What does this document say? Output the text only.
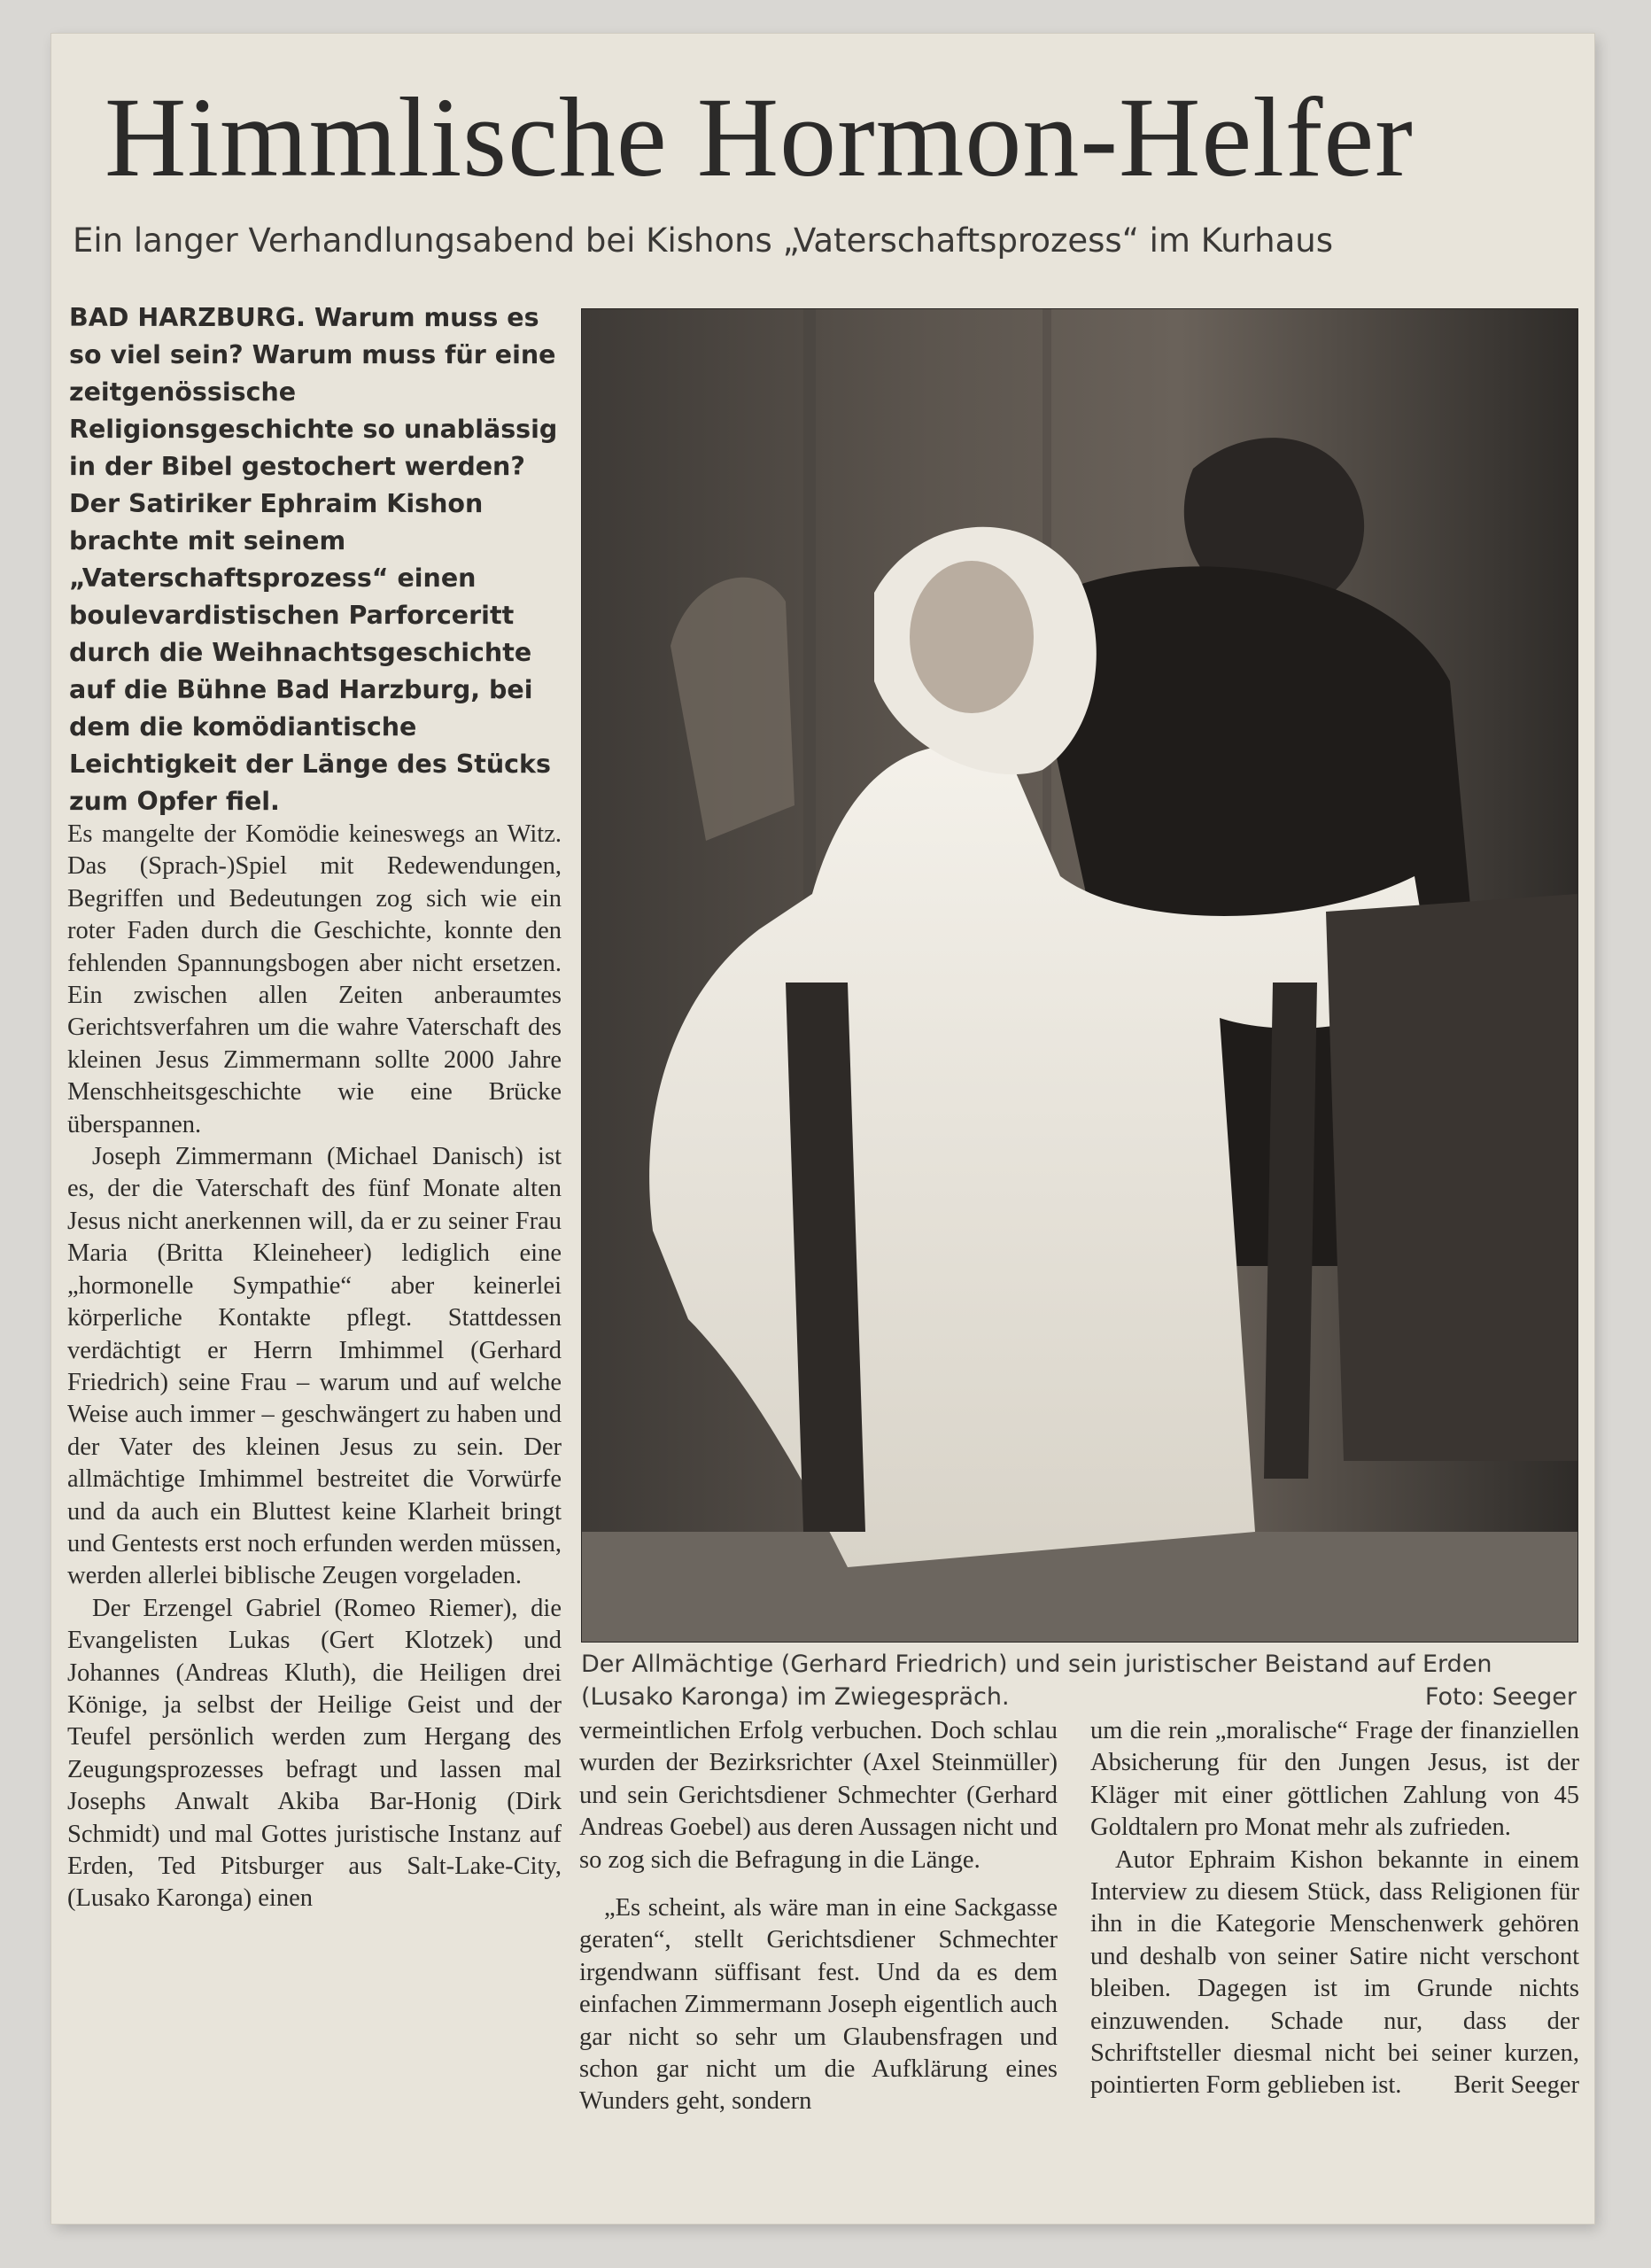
Himmlische Hormon-Helfer
Ein langer Verhandlungsabend bei Kishons „Vaterschaftsprozess“ im Kurhaus
BAD HARZBURG. Warum muss es so viel sein? Warum muss für eine zeitgenössische Religionsgeschichte so unablässig in der Bibel gestochert werden? Der Satiriker Ephraim Kishon brachte mit seinem „Vaterschaftsprozess“ einen boulevardistischen Parforceritt durch die Weihnachtsgeschichte auf die Bühne Bad Harzburg, bei dem die komödiantische Leichtigkeit der Länge des Stücks zum Opfer fiel.

Es mangelte der Komödie keineswegs an Witz. Das (Sprach-)Spiel mit Redewendungen, Begriffen und Bedeutungen zog sich wie ein roter Faden durch die Geschichte, konnte den fehlenden Spannungsbogen aber nicht ersetzen. Ein zwischen allen Zeiten anberaumtes Gerichtsverfahren um die wahre Vaterschaft des kleinen Jesus Zimmermann sollte 2000 Jahre Menschheitsgeschichte wie eine Brücke überspannen.

Joseph Zimmermann (Michael Danisch) ist es, der die Vaterschaft des fünf Monate alten Jesus nicht anerkennen will, da er zu seiner Frau Maria (Britta Kleineheer) lediglich eine „hormonelle Sympathie“ aber keinerlei körperliche Kontakte pflegt. Stattdessen verdächtigt er Herrn Imhimmel (Gerhard Friedrich) seine Frau – warum und auf welche Weise auch immer – geschwängert zu haben und der Vater des kleinen Jesus zu sein. Der allmächtige Imhimmel bestreitet die Vorwürfe und da auch ein Bluttest keine Klarheit bringt und Gentests erst noch erfunden werden müssen, werden allerlei biblische Zeugen vorgeladen.

Der Erzengel Gabriel (Romeo Riemer), die Evangelisten Lukas (Gert Klotzek) und Johannes (Andreas Kluth), die Heiligen drei Könige, ja selbst der Heilige Geist und der Teufel persönlich werden zum Hergang des Zeugungsprozesses befragt und lassen mal Josephs Anwalt Akiba Bar-Honig (Dirk Schmidt) und mal Gottes juristische Instanz auf Erden, Ted Pitsburger aus Salt-Lake-City, (Lusako Karonga) einen

Der Allmächtige (Gerhard Friedrich) und sein juristischer Beistand auf Erden (Lusako Karonga) im Zwiegespräch.	Foto: Seeger

vermeintlichen Erfolg verbuchen. Doch schlau wurden der Bezirksrichter (Axel Steinmüller) und sein Gerichtsdiener Schmechter (Gerhard Andreas Goebel) aus deren Aussagen nicht und so zog sich die Befragung in die Länge.

„Es scheint, als wäre man in eine Sackgasse geraten“, stellt Gerichtsdiener Schmechter irgendwann süffisant fest. Und da es dem einfachen Zimmermann Joseph eigentlich auch gar nicht so sehr um Glaubensfragen und schon gar nicht um die Aufklärung eines Wunders geht, sondern

um die rein „moralische“ Frage der finanziellen Absicherung für den Jungen Jesus, ist der Kläger mit einer göttlichen Zahlung von 45 Goldtalern pro Monat mehr als zufrieden.

Autor Ephraim Kishon bekannte in einem Interview zu diesem Stück, dass Religionen für ihn in die Kategorie Menschenwerk gehören und deshalb von seiner Satire nicht verschont bleiben. Dagegen ist im Grunde nichts einzuwenden. Schade nur, dass der Schriftsteller diesmal nicht bei seiner kurzen, pointierten Form geblieben ist.	Berit Seeger
